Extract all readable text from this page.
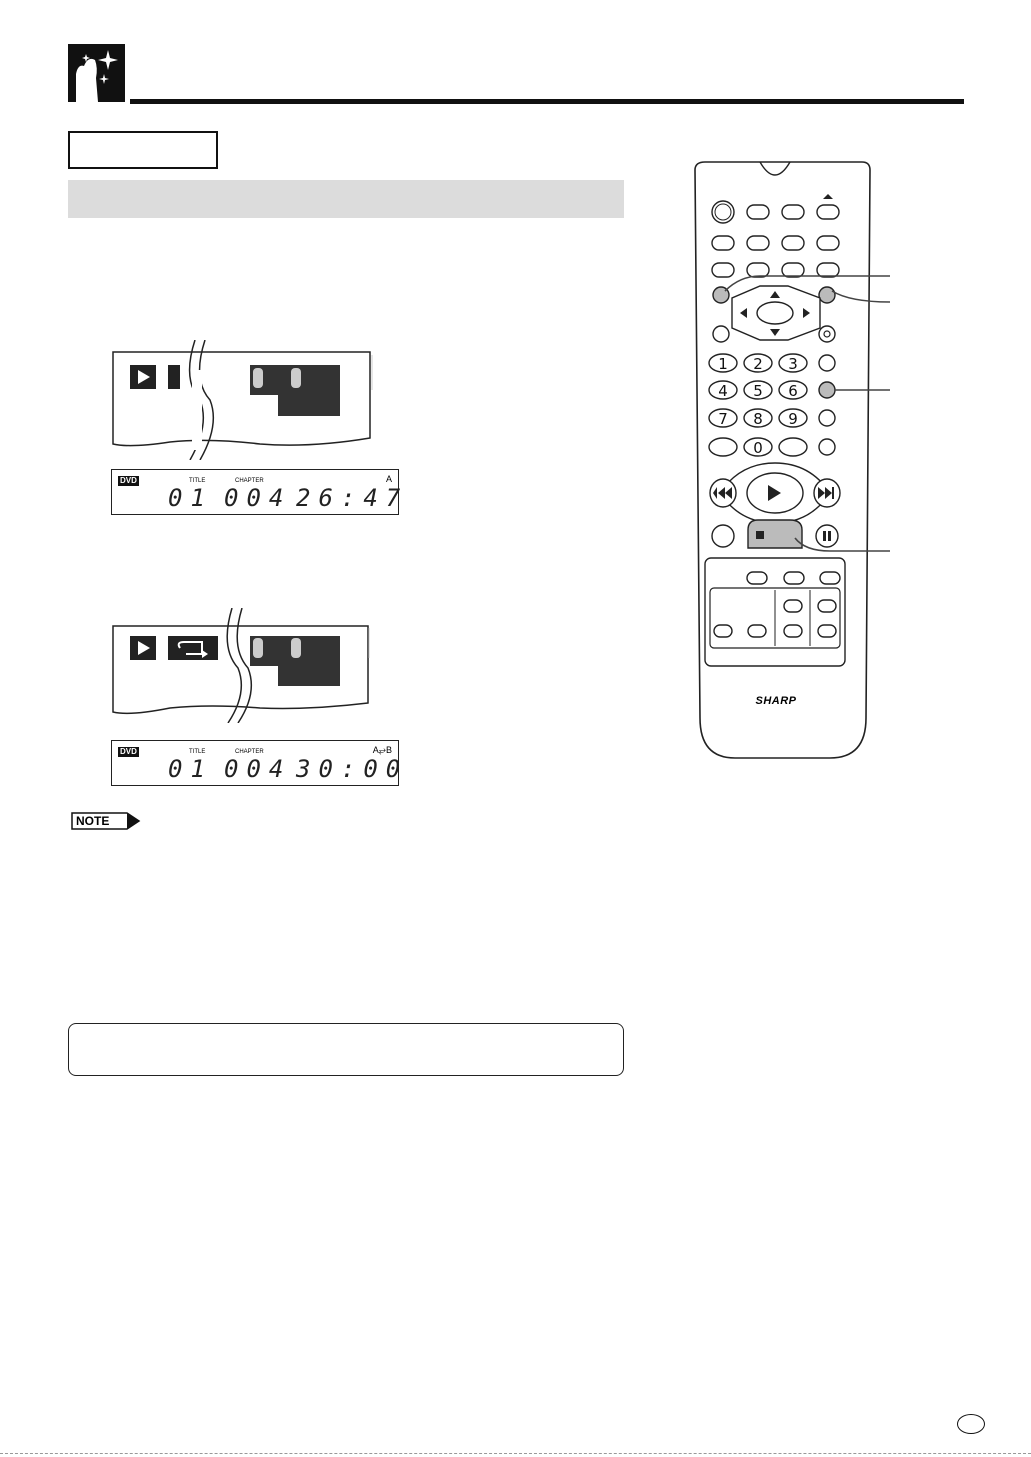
DVD	TITLE	CHAPTER	A
01 004 26:47
DVD	TITLE	CHAPTER	A⥂B
01 004 30:00
NOTE
1 2 3
4 5 6
7 8 9
0
SHARP
